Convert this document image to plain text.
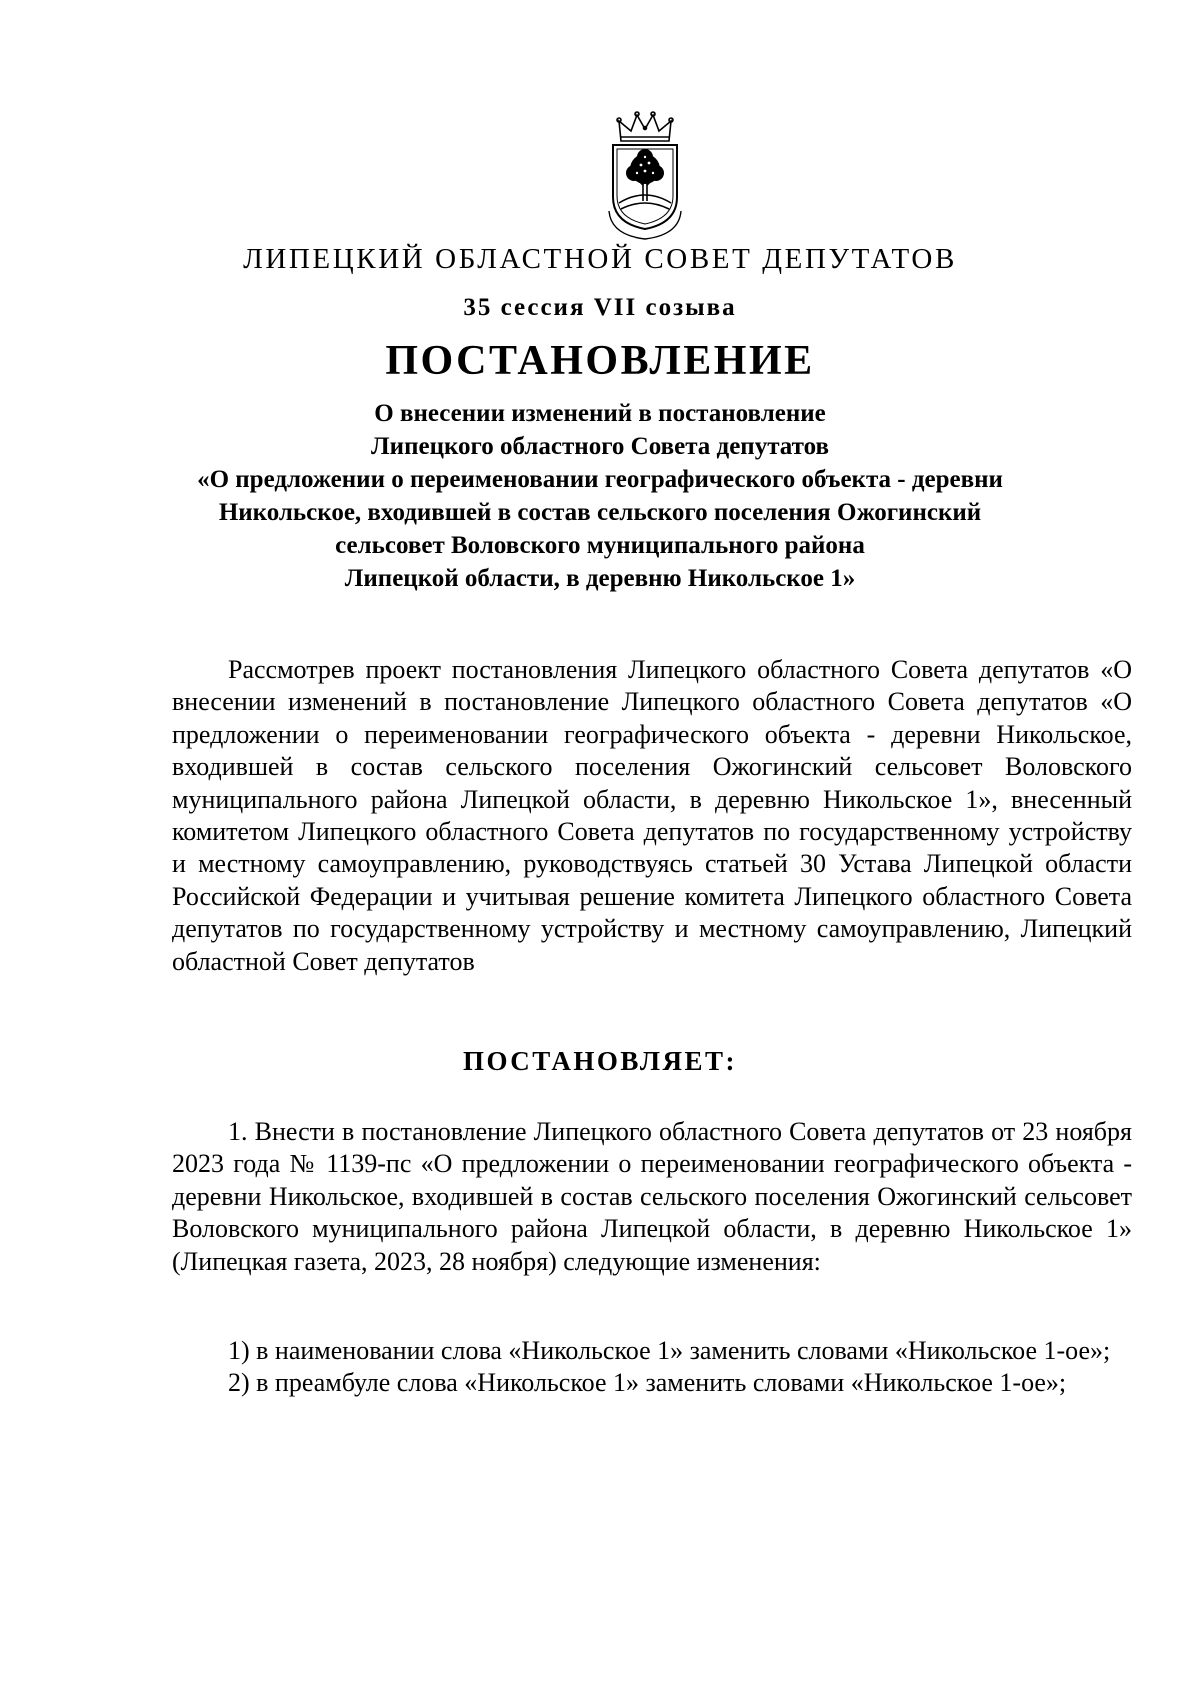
ЛИПЕЦКИЙ ОБЛАСТНОЙ СОВЕТ ДЕПУТАТОВ
35 сессия VII созыва
ПОСТАНОВЛЕНИЕ
О внесении изменений в постановление
Липецкого областного Совета депутатов
«О предложении о переименовании географического объекта - деревни
Никольское, входившей в состав сельского поселения Ожогинский
сельсовет Воловского муниципального района
Липецкой области, в деревню Никольское 1»

Рассмотрев проект постановления Липецкого областного Совета депутатов «О внесении изменений в постановление Липецкого областного Совета депутатов «О предложении о переименовании географического объекта - деревни Никольское, входившей в состав сельского поселения Ожогинский сельсовет Воловского муниципального района Липецкой области, в деревню Никольское 1», внесенный комитетом Липецкого областного Совета депутатов по государственному устройству и местному самоуправлению, руководствуясь статьей 30 Устава Липецкой области Российской Федерации и учитывая решение комитета Липецкого областного Совета депутатов по государственному устройству и местному самоуправлению, Липецкий областной Совет депутатов

ПОСТАНОВЛЯЕТ:

1. Внести в постановление Липецкого областного Совета депутатов от 23 ноября 2023 года № 1139-пс «О предложении о переименовании географического объекта - деревни Никольское, входившей в состав сельского поселения Ожогинский сельсовет Воловского муниципального района Липецкой области, в деревню Никольское 1» (Липецкая газета, 2023, 28 ноября) следующие изменения:

1) в наименовании слова «Никольское 1» заменить словами «Никольское 1-ое»;

2) в преамбуле слова «Никольское 1» заменить словами «Никольское 1-ое»;
